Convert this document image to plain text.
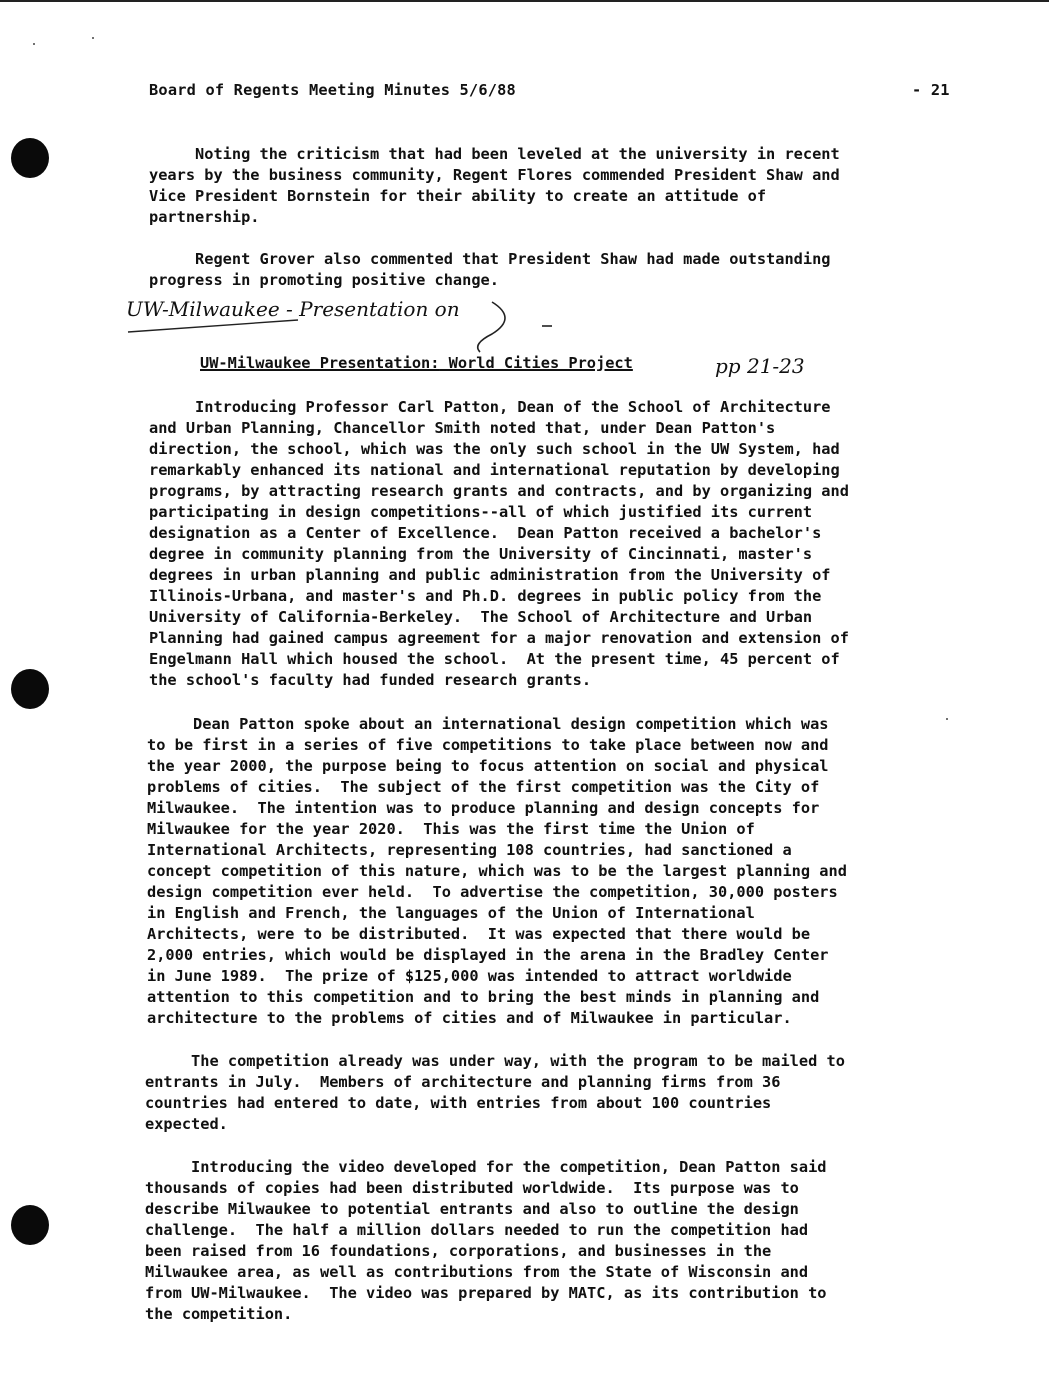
Board of Regents Meeting Minutes 5/6/88	- 21
Noting the criticism that had been leveled at the university in recent
years by the business community, Regent Flores commended President Shaw and
Vice President Bornstein for their ability to create an attitude of
partnership.
Regent Grover also commented that President Shaw had made outstanding
progress in promoting positive change.
UW-Milwaukee - Presentation on
UW-Milwaukee Presentation: World Cities Project	pp 21-23
Introducing Professor Carl Patton, Dean of the School of Architecture
and Urban Planning, Chancellor Smith noted that, under Dean Patton's
direction, the school, which was the only such school in the UW System, had
remarkably enhanced its national and international reputation by developing
programs, by attracting research grants and contracts, and by organizing and
participating in design competitions--all of which justified its current
designation as a Center of Excellence.  Dean Patton received a bachelor's
degree in community planning from the University of Cincinnati, master's
degrees in urban planning and public administration from the University of
Illinois-Urbana, and master's and Ph.D. degrees in public policy from the
University of California-Berkeley.  The School of Architecture and Urban
Planning had gained campus agreement for a major renovation and extension of
Engelmann Hall which housed the school.  At the present time, 45 percent of
the school's faculty had funded research grants.
Dean Patton spoke about an international design competition which was
to be first in a series of five competitions to take place between now and
the year 2000, the purpose being to focus attention on social and physical
problems of cities.  The subject of the first competition was the City of
Milwaukee.  The intention was to produce planning and design concepts for
Milwaukee for the year 2020.  This was the first time the Union of
International Architects, representing 108 countries, had sanctioned a
concept competition of this nature, which was to be the largest planning and
design competition ever held.  To advertise the competition, 30,000 posters
in English and French, the languages of the Union of International
Architects, were to be distributed.  It was expected that there would be
2,000 entries, which would be displayed in the arena in the Bradley Center
in June 1989.  The prize of $125,000 was intended to attract worldwide
attention to this competition and to bring the best minds in planning and
architecture to the problems of cities and of Milwaukee in particular.
The competition already was under way, with the program to be mailed to
entrants in July.  Members of architecture and planning firms from 36
countries had entered to date, with entries from about 100 countries
expected.
Introducing the video developed for the competition, Dean Patton said
thousands of copies had been distributed worldwide.  Its purpose was to
describe Milwaukee to potential entrants and also to outline the design
challenge.  The half a million dollars needed to run the competition had
been raised from 16 foundations, corporations, and businesses in the
Milwaukee area, as well as contributions from the State of Wisconsin and
from UW-Milwaukee.  The video was prepared by MATC, as its contribution to
the competition.
